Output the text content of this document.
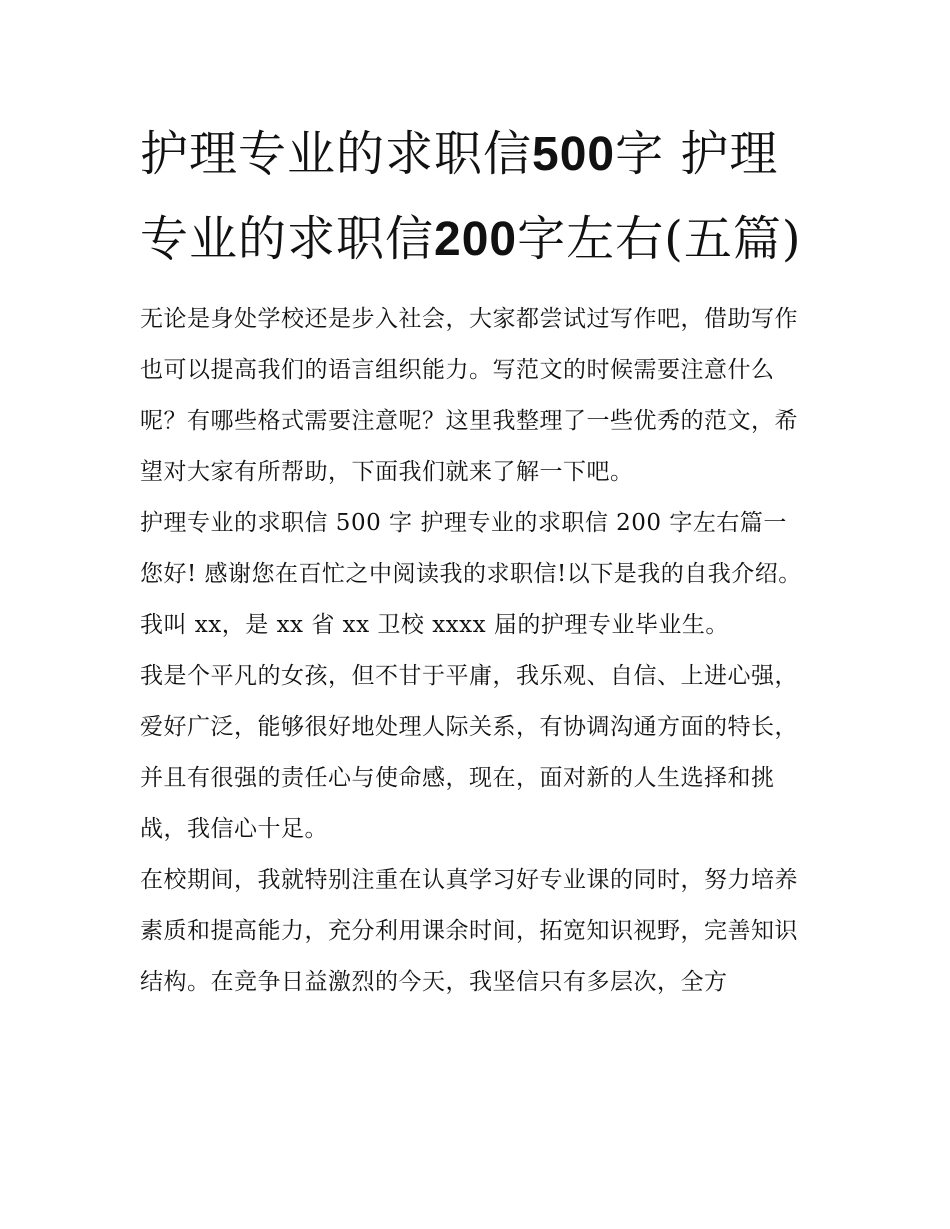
护理专业的求职信500字 护理专业的求职信200字左右(五篇)

无论是身处学校还是步入社会，大家都尝试过写作吧，借助写作也可以提高我们的语言组织能力。写范文的时候需要注意什么呢？有哪些格式需要注意呢？这里我整理了一些优秀的范文，希望对大家有所帮助，下面我们就来了解一下吧。

护理专业的求职信 500 字 护理专业的求职信 200 字左右篇一

您好! 感谢您在百忙之中阅读我的求职信!以下是我的自我介绍。

我叫 xx，是 xx 省 xx 卫校 xxxx 届的护理专业毕业生。

我是个平凡的女孩，但不甘于平庸，我乐观、自信、上进心强，爱好广泛，能够很好地处理人际关系，有协调沟通方面的特长，并且有很强的责任心与使命感，现在，面对新的人生选择和挑战，我信心十足。

在校期间，我就特别注重在认真学习好专业课的同时，努力培养素质和提高能力，充分利用课余时间，拓宽知识视野，完善知识结构。在竞争日益激烈的今天，我坚信只有多层次，全方
